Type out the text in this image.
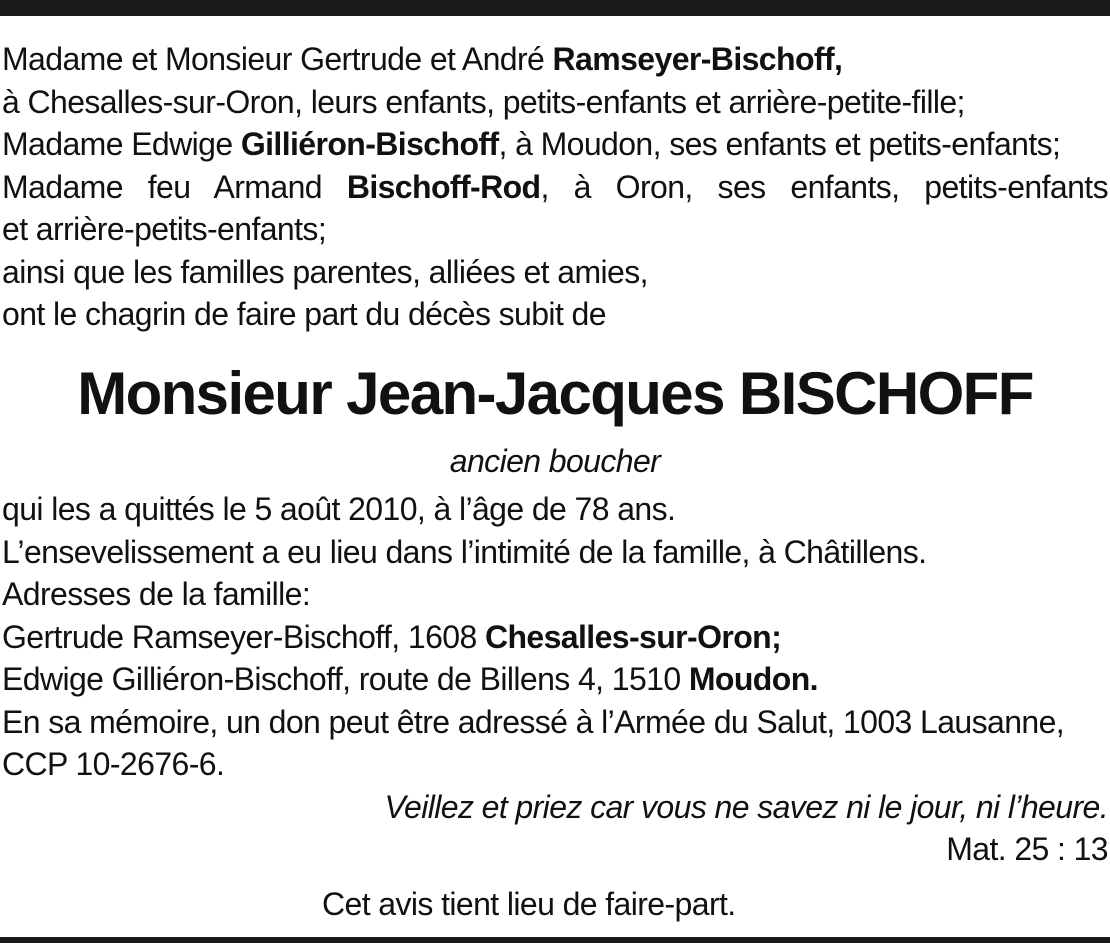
Madame et Monsieur Gertrude et André Ramseyer-Bischoff,
à Chesalles-sur-Oron, leurs enfants, petits-enfants et arrière-petite-fille;
Madame Edwige Gilliéron-Bischoff, à Moudon, ses enfants et petits-enfants;
Madame feu Armand Bischoff-Rod, à Oron, ses enfants, petits-enfants
et arrière-petits-enfants;
ainsi que les familles parentes, alliées et amies,
ont le chagrin de faire part du décès subit de
Monsieur Jean-Jacques BISCHOFF
ancien boucher
qui les a quittés le 5 août 2010, à l’âge de 78 ans.
L’ensevelissement a eu lieu dans l’intimité de la famille, à Châtillens.
Adresses de la famille:
Gertrude Ramseyer-Bischoff, 1608 Chesalles-sur-Oron;
Edwige Gilliéron-Bischoff, route de Billens 4, 1510 Moudon.
En sa mémoire, un don peut être adressé à l’Armée du Salut, 1003 Lausanne,
CCP 10-2676-6.
Veillez et priez car vous ne savez ni le jour, ni l’heure.
Mat. 25 : 13
Cet avis tient lieu de faire-part.
